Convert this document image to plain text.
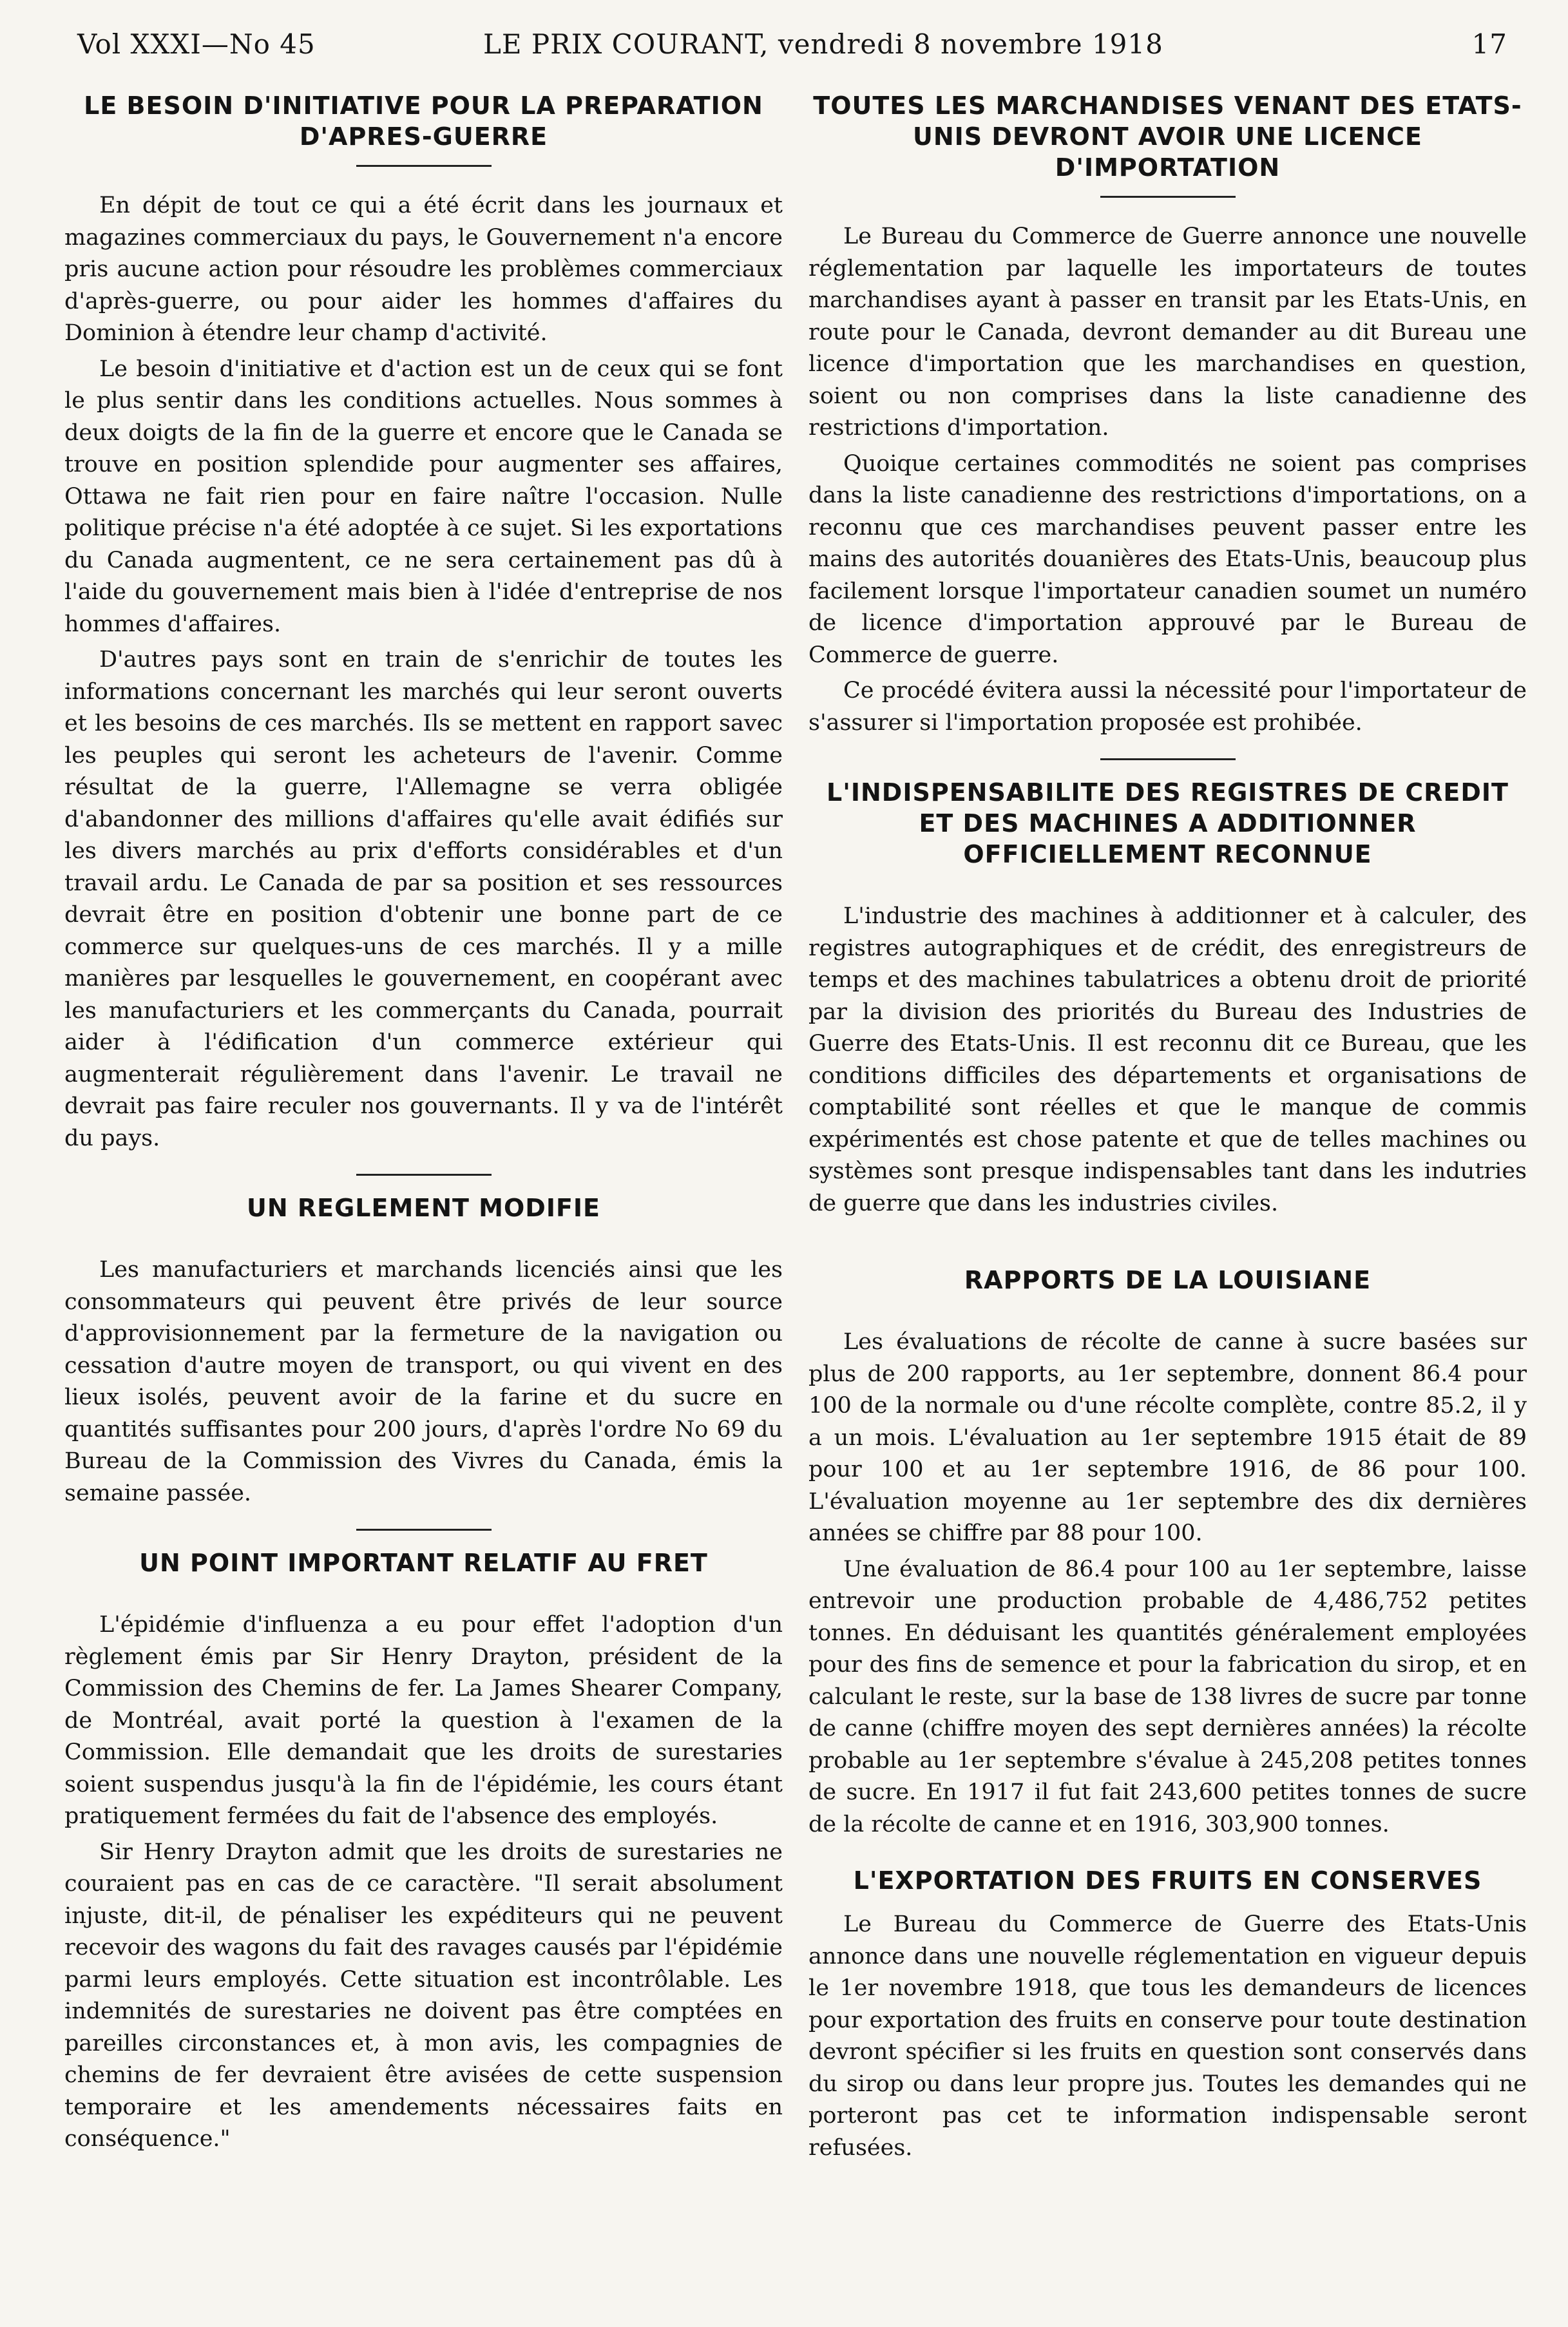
Vol XXXI—No 45	LE PRIX COURANT, vendredi 8 novembre 1918	17
LE BESOIN D'INITIATIVE POUR LA PREPARATION D'APRES-GUERRE

En dépit de tout ce qui a été écrit dans les journaux et magazines commerciaux du pays, le Gouvernement n'a encore pris aucune action pour résoudre les problèmes commerciaux d'après-guerre, ou pour aider les hommes d'affaires du Dominion à étendre leur champ d'activité.

Le besoin d'initiative et d'action est un de ceux qui se font le plus sentir dans les conditions actuelles. Nous sommes à deux doigts de la fin de la guerre et encore que le Canada se trouve en position splendide pour augmenter ses affaires, Ottawa ne fait rien pour en faire naître l'occasion. Nulle politique précise n'a été adoptée à ce sujet. Si les exportations du Canada augmentent, ce ne sera certainement pas dû à l'aide du gouvernement mais bien à l'idée d'entreprise de nos hommes d'affaires.

D'autres pays sont en train de s'enrichir de toutes les informations concernant les marchés qui leur seront ouverts et les besoins de ces marchés. Ils se mettent en rapport savec les peuples qui seront les acheteurs de l'avenir. Comme résultat de la guerre, l'Allemagne se verra obligée d'abandonner des millions d'affaires qu'elle avait édifiés sur les divers marchés au prix d'efforts considérables et d'un travail ardu. Le Canada de par sa position et ses ressources devrait être en position d'obtenir une bonne part de ce commerce sur quelques-uns de ces marchés. Il y a mille manières par lesquelles le gouvernement, en coopérant avec les manufacturiers et les commerçants du Canada, pourrait aider à l'édification d'un commerce extérieur qui augmenterait régulièrement dans l'avenir. Le travail ne devrait pas faire reculer nos gouvernants. Il y va de l'intérêt du pays.

UN REGLEMENT MODIFIE

Les manufacturiers et marchands licenciés ainsi que les consommateurs qui peuvent être privés de leur source d'approvisionnement par la fermeture de la navigation ou cessation d'autre moyen de transport, ou qui vivent en des lieux isolés, peuvent avoir de la farine et du sucre en quantités suffisantes pour 200 jours, d'après l'ordre No 69 du Bureau de la Commission des Vivres du Canada, émis la semaine passée.

UN POINT IMPORTANT RELATIF AU FRET

L'épidémie d'influenza a eu pour effet l'adoption d'un règlement émis par Sir Henry Drayton, président de la Commission des Chemins de fer. La James Shearer Company, de Montréal, avait porté la question à l'examen de la Commission. Elle demandait que les droits de surestaries soient suspendus jusqu'à la fin de l'épidémie, les cours étant pratiquement fermées du fait de l'absence des employés.

Sir Henry Drayton admit que les droits de surestaries ne couraient pas en cas de ce caractère. "Il serait absolument injuste, dit-il, de pénaliser les expéditeurs qui ne peuvent recevoir des wagons du fait des ravages causés par l'épidémie parmi leurs employés. Cette situation est incontrôlable. Les indemnités de surestaries ne doivent pas être comptées en pareilles circonstances et, à mon avis, les compagnies de chemins de fer devraient être avisées de cette suspension temporaire et les amendements nécessaires faits en conséquence."

TOUTES LES MARCHANDISES VENANT DES ETATS-UNIS DEVRONT AVOIR UNE LICENCE D'IMPORTATION

Le Bureau du Commerce de Guerre annonce une nouvelle réglementation par laquelle les importateurs de toutes marchandises ayant à passer en transit par les Etats-Unis, en route pour le Canada, devront demander au dit Bureau une licence d'importation que les marchandises en question, soient ou non comprises dans la liste canadienne des restrictions d'importation.

Quoique certaines commodités ne soient pas comprises dans la liste canadienne des restrictions d'importations, on a reconnu que ces marchandises peuvent passer entre les mains des autorités douanières des Etats-Unis, beaucoup plus facilement lorsque l'importateur canadien soumet un numéro de licence d'importation approuvé par le Bureau de Commerce de guerre.

Ce procédé évitera aussi la nécessité pour l'importateur de s'assurer si l'importation proposée est prohibée.

L'INDISPENSABILITE DES REGISTRES DE CREDIT ET DES MACHINES A ADDITIONNER OFFICIELLEMENT RECONNUE

L'industrie des machines à additionner et à calculer, des registres autographiques et de crédit, des enregistreurs de temps et des machines tabulatrices a obtenu droit de priorité par la division des priorités du Bureau des Industries de Guerre des Etats-Unis. Il est reconnu dit ce Bureau, que les conditions difficiles des départements et organisations de comptabilité sont réelles et que le manque de commis expérimentés est chose patente et que de telles machines ou systèmes sont presque indispensables tant dans les indutries de guerre que dans les industries civiles.

RAPPORTS DE LA LOUISIANE

Les évaluations de récolte de canne à sucre basées sur plus de 200 rapports, au 1er septembre, donnent 86.4 pour 100 de la normale ou d'une récolte complète, contre 85.2, il y a un mois. L'évaluation au 1er septembre 1915 était de 89 pour 100 et au 1er septembre 1916, de 86 pour 100. L'évaluation moyenne au 1er septembre des dix dernières années se chiffre par 88 pour 100.

Une évaluation de 86.4 pour 100 au 1er septembre, laisse entrevoir une production probable de 4,486,752 petites tonnes. En déduisant les quantités généralement employées pour des fins de semence et pour la fabrication du sirop, et en calculant le reste, sur la base de 138 livres de sucre par tonne de canne (chiffre moyen des sept dernières années) la récolte probable au 1er septembre s'évalue à 245,208 petites tonnes de sucre. En 1917 il fut fait 243,600 petites tonnes de sucre de la récolte de canne et en 1916, 303,900 tonnes.

L'EXPORTATION DES FRUITS EN CONSERVES

Le Bureau du Commerce de Guerre des Etats-Unis annonce dans une nouvelle réglementation en vigueur depuis le 1er novembre 1918, que tous les demandeurs de licences pour exportation des fruits en conserve pour toute destination devront spécifier si les fruits en question sont conservés dans du sirop ou dans leur propre jus. Toutes les demandes qui ne porteront pas cet te information indispensable seront refusées.
